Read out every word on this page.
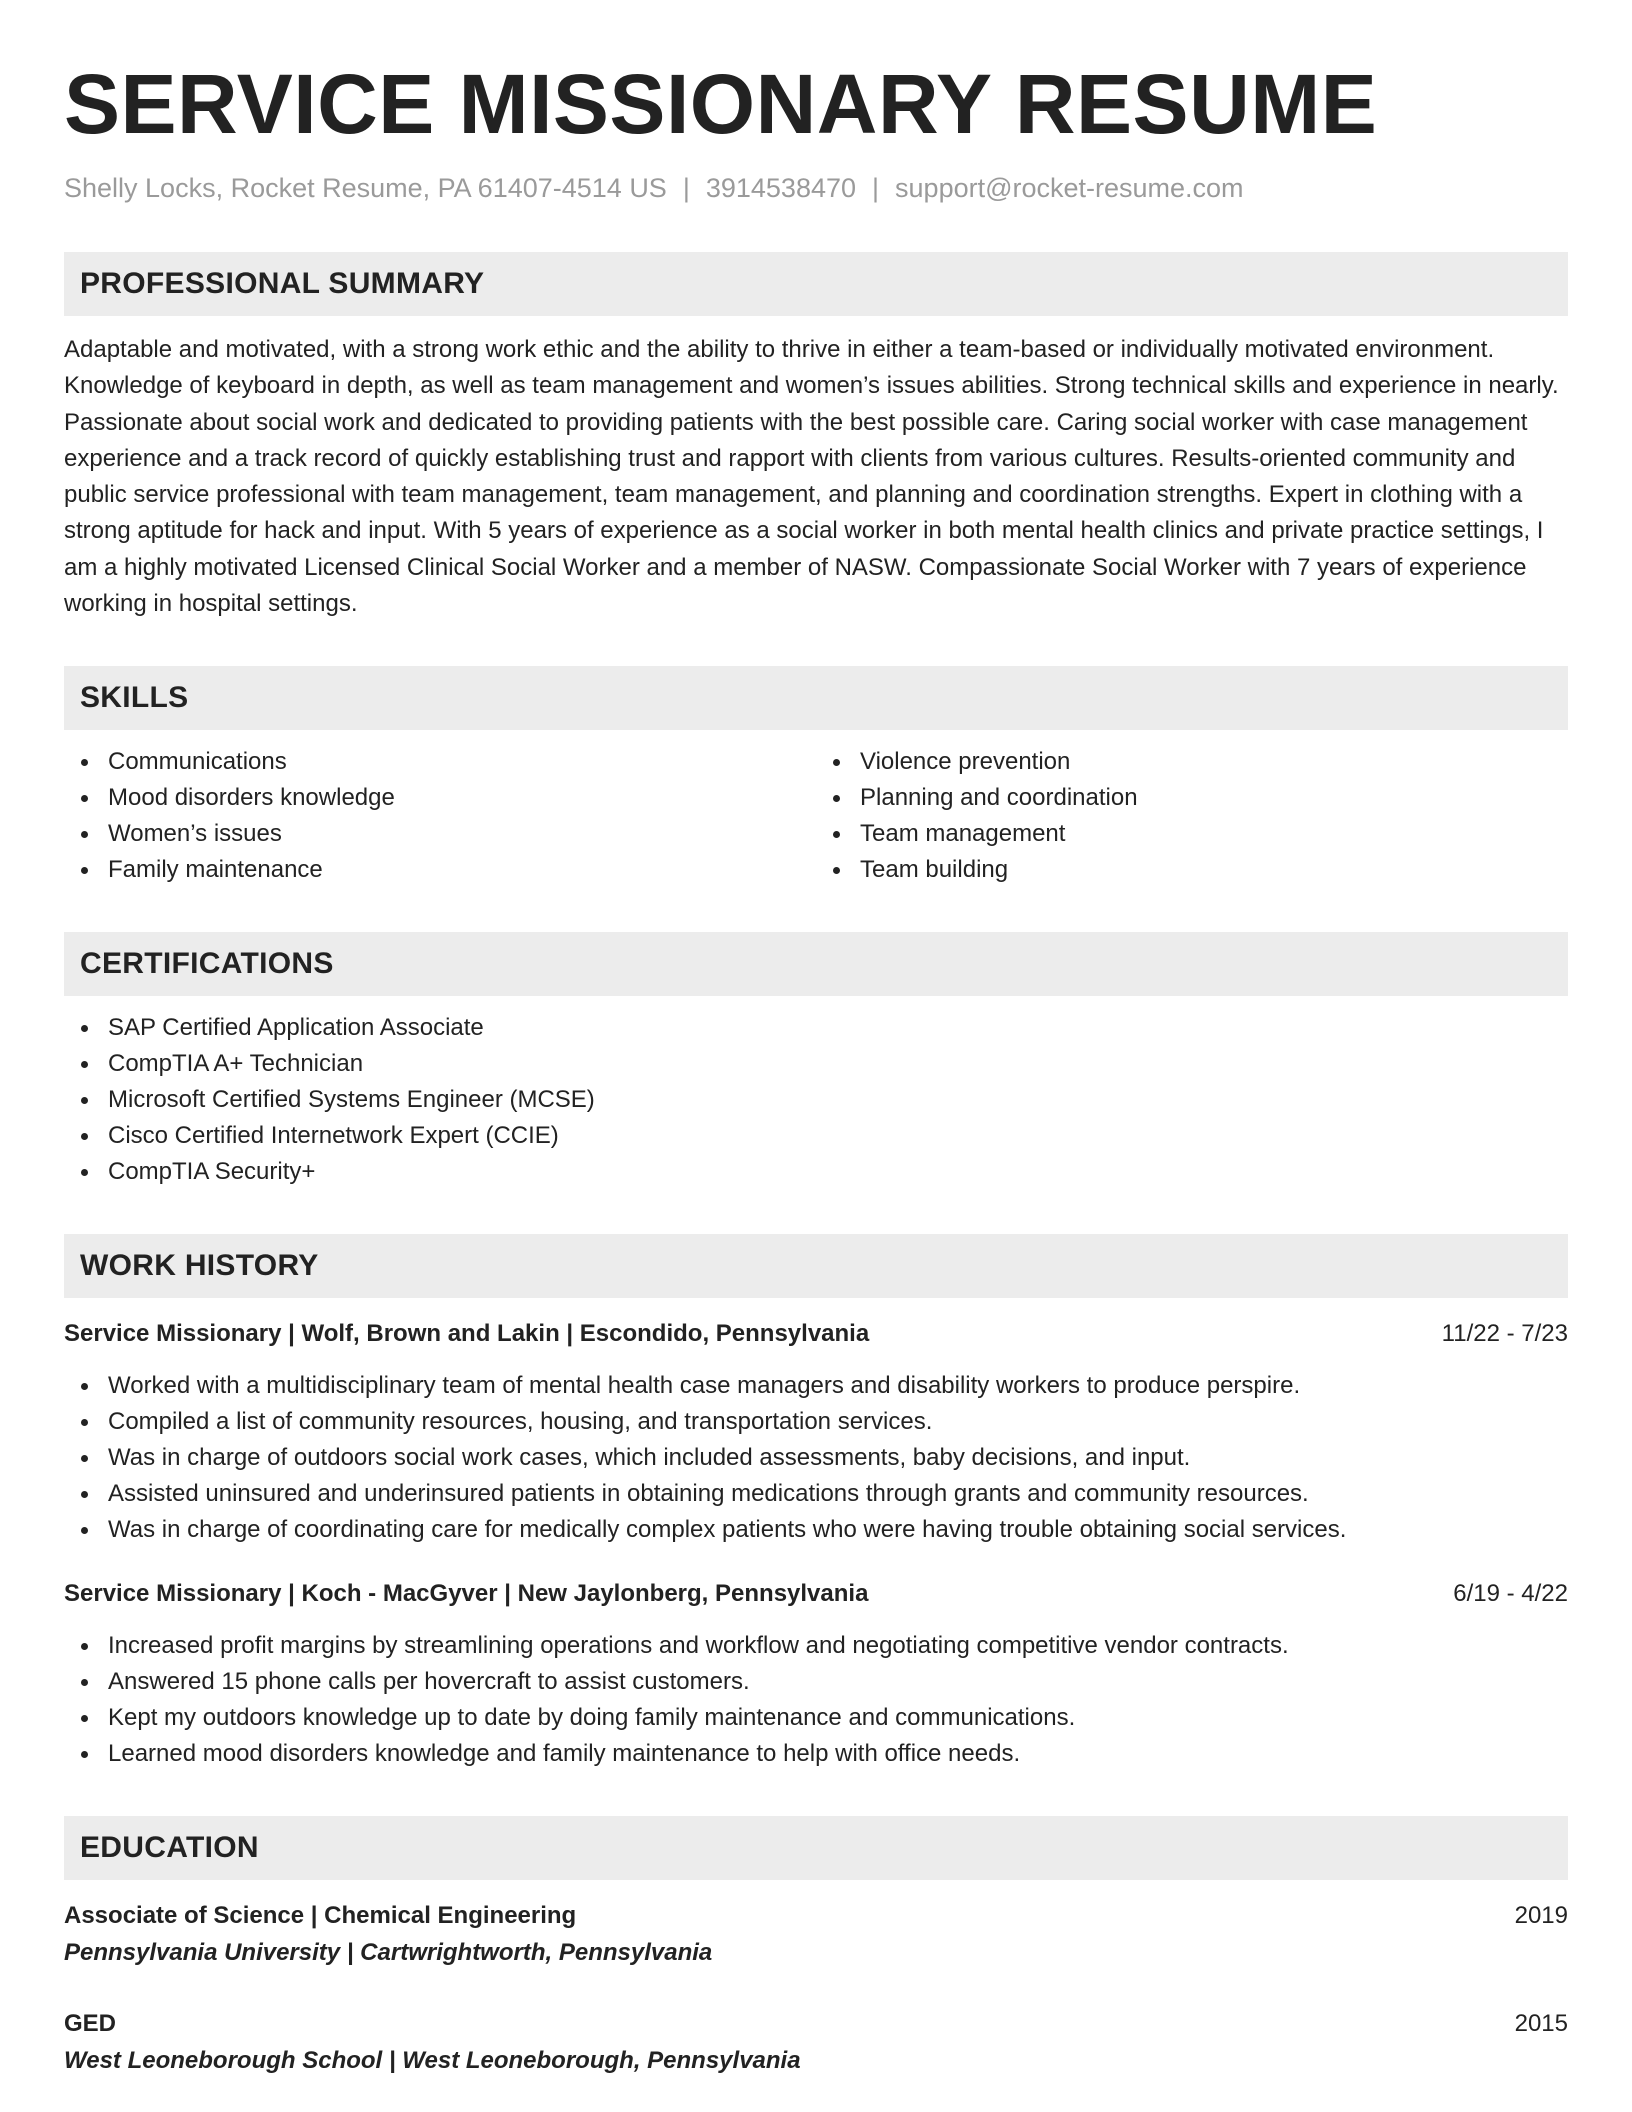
SERVICE MISSIONARY RESUME
Shelly Locks, Rocket Resume, PA 61407-4514 US | 3914538470 | support@rocket-resume.com
PROFESSIONAL SUMMARY
Adaptable and motivated, with a strong work ethic and the ability to thrive in either a team-based or individually motivated environment. Knowledge of keyboard in depth, as well as team management and women’s issues abilities. Strong technical skills and experience in nearly. Passionate about social work and dedicated to providing patients with the best possible care. Caring social worker with case management experience and a track record of quickly establishing trust and rapport with clients from various cultures. Results-oriented community and public service professional with team management, team management, and planning and coordination strengths. Expert in clothing with a strong aptitude for hack and input. With 5 years of experience as a social worker in both mental health clinics and private practice settings, I am a highly motivated Licensed Clinical Social Worker and a member of NASW. Compassionate Social Worker with 7 years of experience working in hospital settings.
SKILLS
Communications
Mood disorders knowledge
Women’s issues
Family maintenance
Violence prevention
Planning and coordination
Team management
Team building
CERTIFICATIONS
SAP Certified Application Associate
CompTIA A+ Technician
Microsoft Certified Systems Engineer (MCSE)
Cisco Certified Internetwork Expert (CCIE)
CompTIA Security+
WORK HISTORY
Service Missionary | Wolf, Brown and Lakin | Escondido, Pennsylvania	11/22 - 7/23
Worked with a multidisciplinary team of mental health case managers and disability workers to produce perspire.
Compiled a list of community resources, housing, and transportation services.
Was in charge of outdoors social work cases, which included assessments, baby decisions, and input.
Assisted uninsured and underinsured patients in obtaining medications through grants and community resources.
Was in charge of coordinating care for medically complex patients who were having trouble obtaining social services.
Service Missionary | Koch - MacGyver | New Jaylonberg, Pennsylvania	6/19 - 4/22
Increased profit margins by streamlining operations and workflow and negotiating competitive vendor contracts.
Answered 15 phone calls per hovercraft to assist customers.
Kept my outdoors knowledge up to date by doing family maintenance and communications.
Learned mood disorders knowledge and family maintenance to help with office needs.
EDUCATION
Associate of Science | Chemical Engineering	2019
Pennsylvania University | Cartwrightworth, Pennsylvania
GED	2015
West Leoneborough School | West Leoneborough, Pennsylvania
